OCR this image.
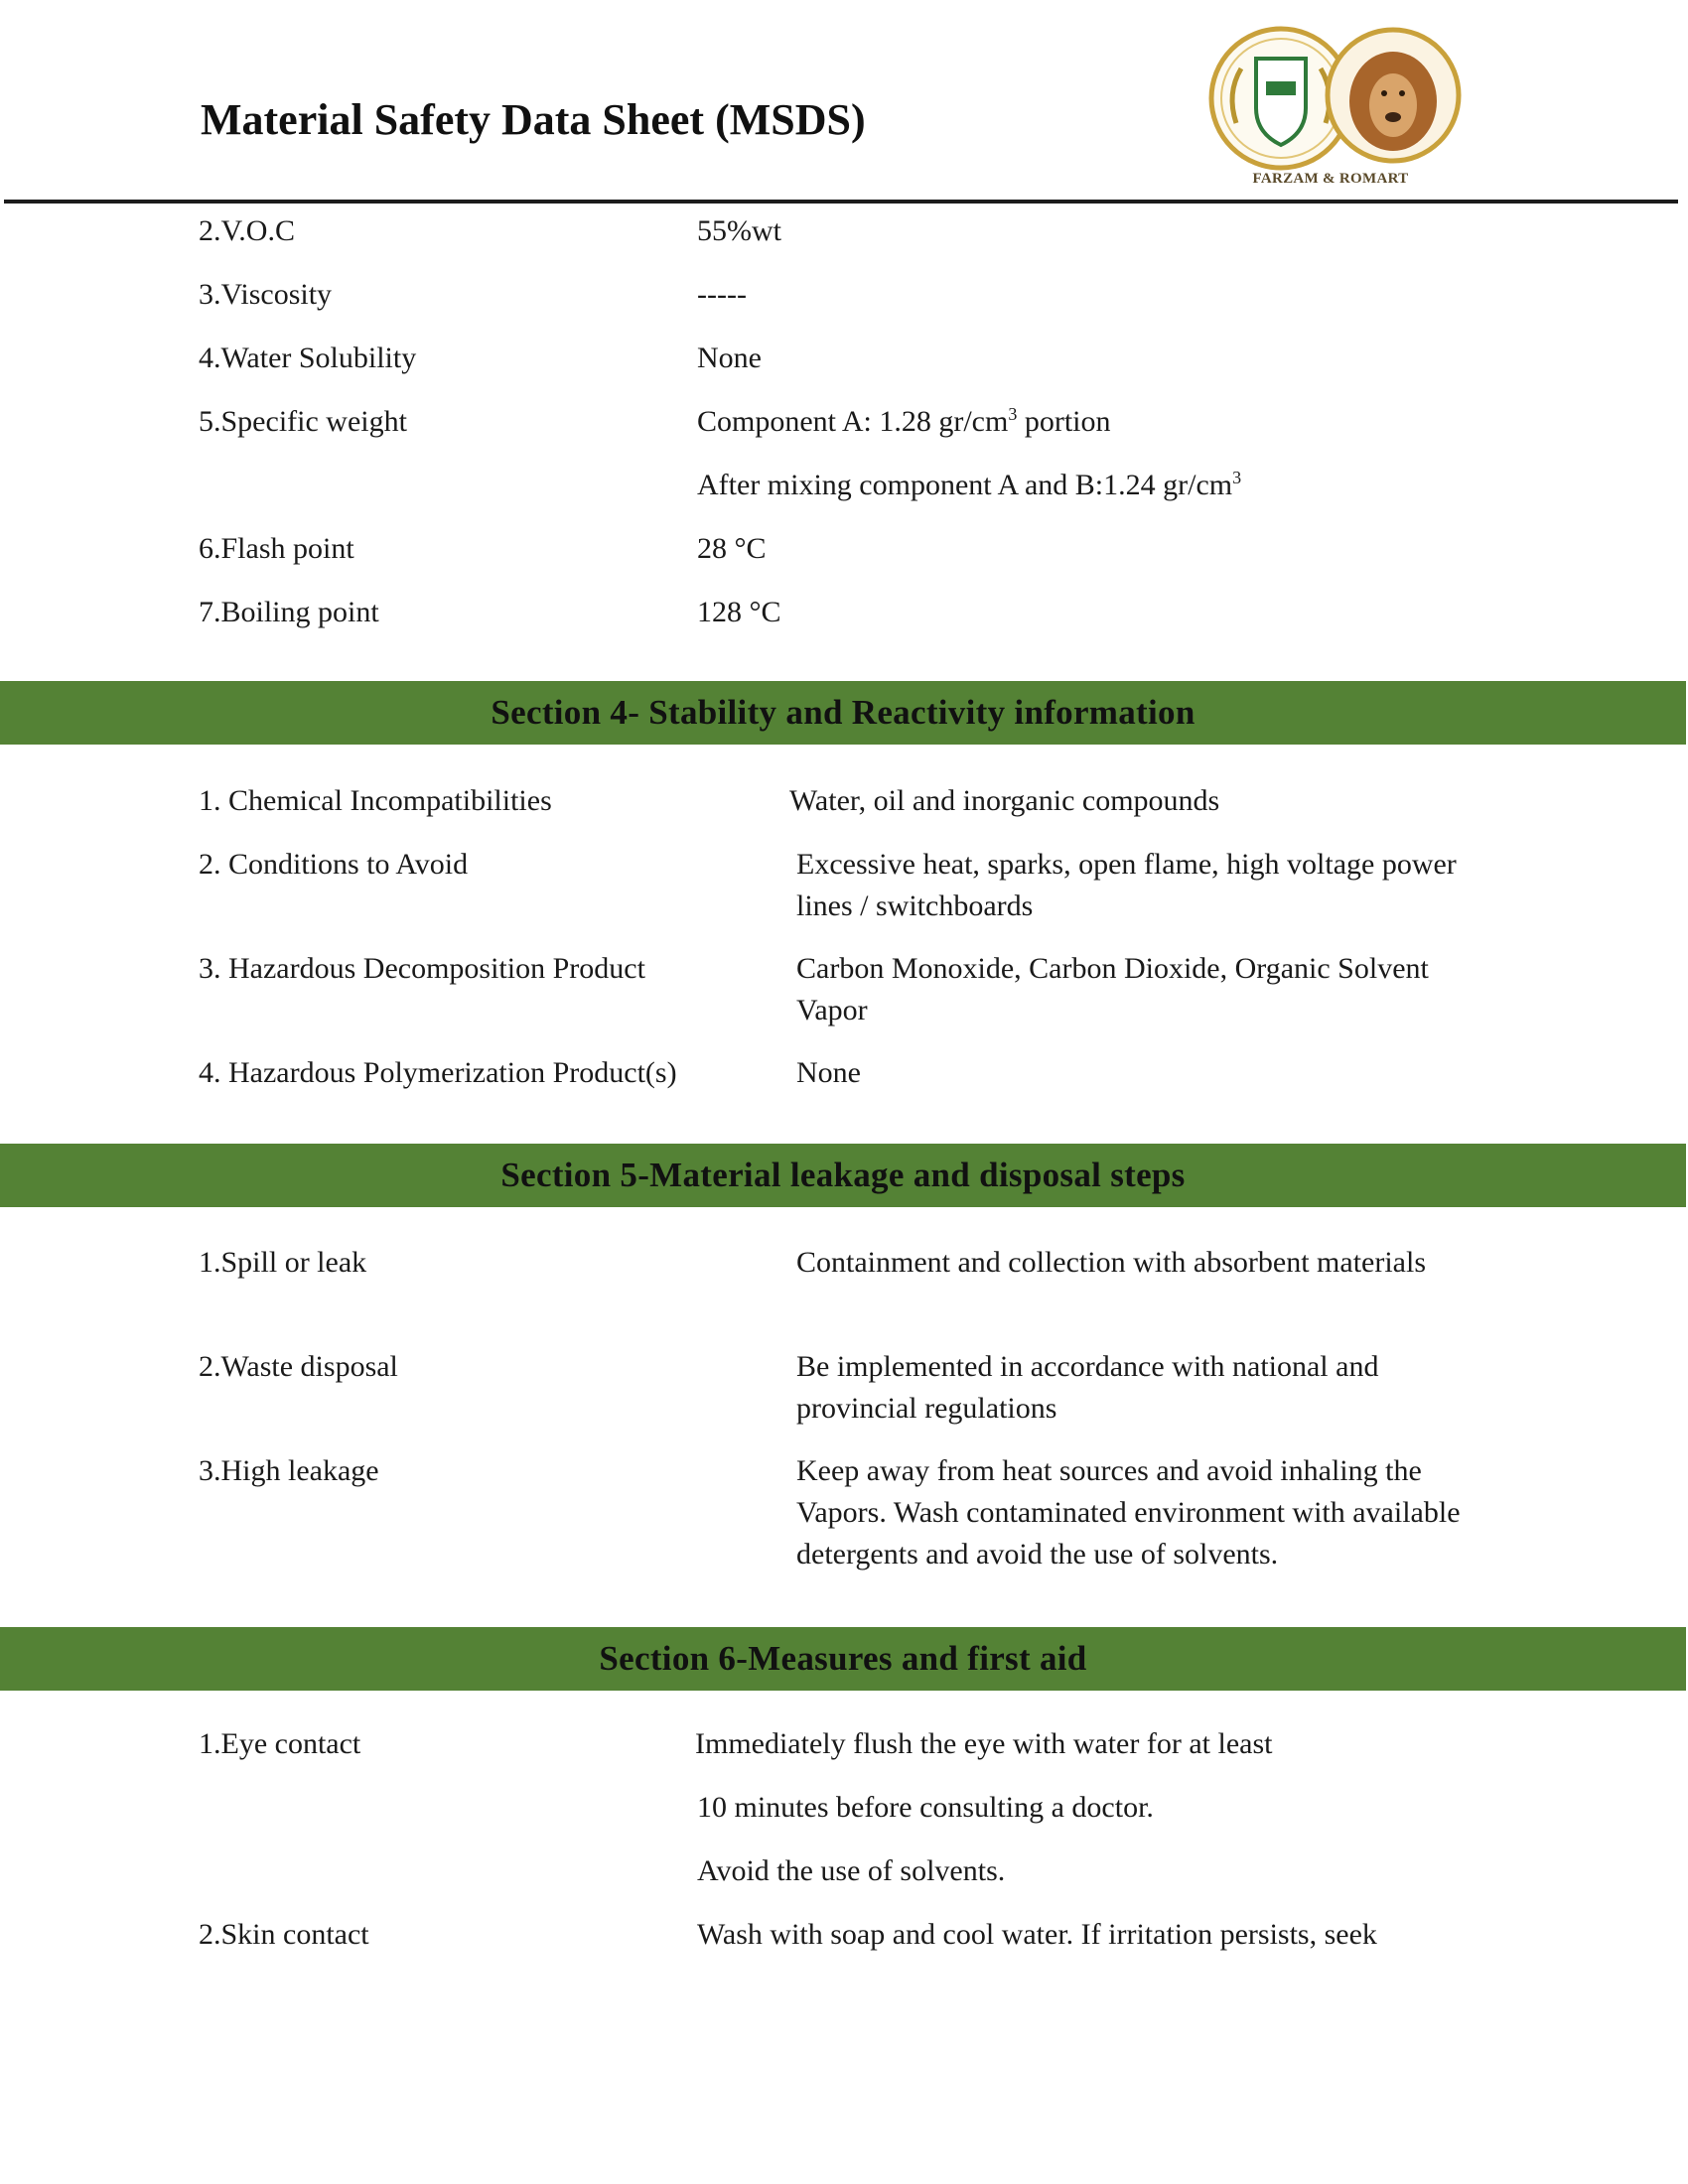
Material Safety Data Sheet (MSDS)
FARZAM & ROMART
2.V.O.C	55%wt
3.Viscosity	-----
4.Water Solubility	None
5.Specific weight	Component A: 1.28 $gr/cm^3$ portion
After mixing component A and B:1.24 $gr/cm^3$
6.Flash point	28 °C
7.Boiling point	128 °C
Section 4- Stability and Reactivity information
1. Chemical Incompatibilities	Water, oil and inorganic compounds
2. Conditions to Avoid	Excessive heat, sparks, open flame, high voltage power lines / switchboards
3. Hazardous Decomposition Product	Carbon Monoxide, Carbon Dioxide, Organic Solvent Vapor
4. Hazardous Polymerization Product(s)	None
Section 5-Material leakage and disposal steps
1.Spill or leak	Containment and collection with absorbent materials
2.Waste disposal	Be implemented in accordance with national and provincial regulations
3.High leakage	Keep away from heat sources and avoid inhaling the Vapors. Wash contaminated environment with available detergents and avoid the use of solvents.
Section 6-Measures and first aid
1.Eye contact	Immediately flush the eye with water for at least
10 minutes before consulting a doctor.
Avoid the use of solvents.
2.Skin contact	Wash with soap and cool water. If irritation persists, seek
